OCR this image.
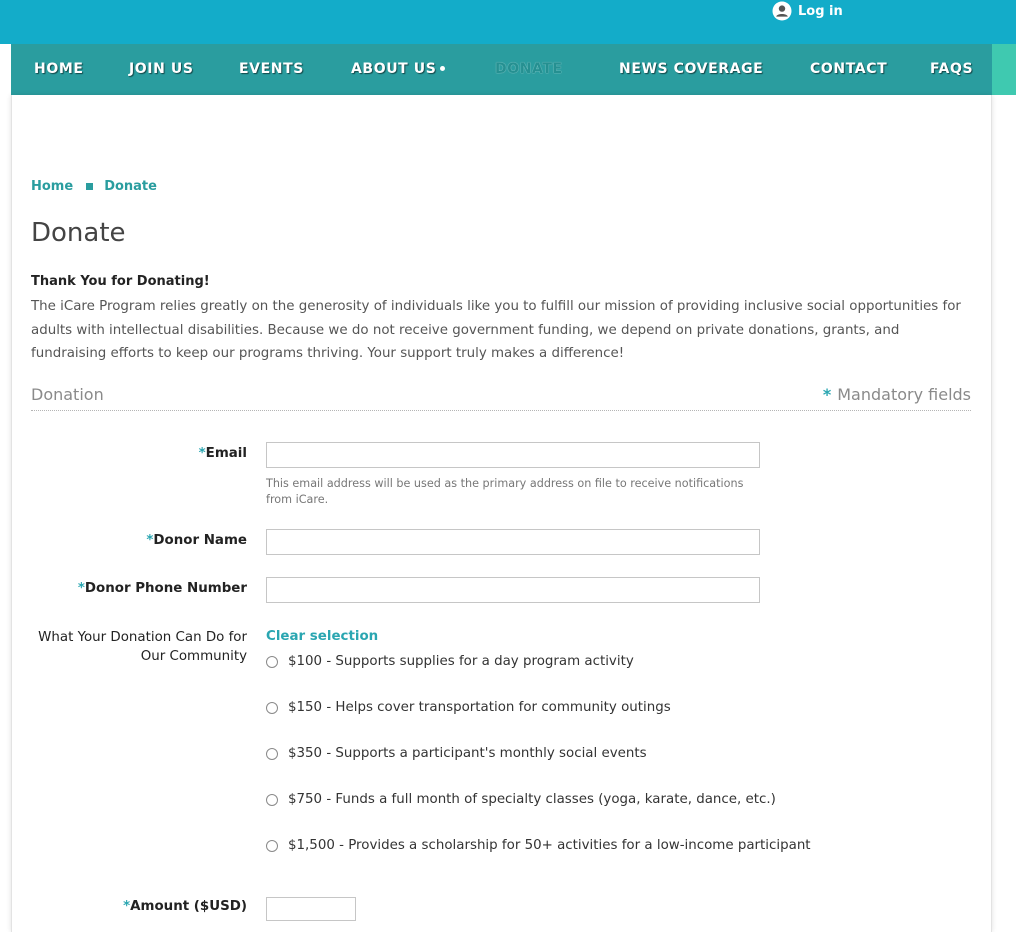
Log in
HOME	JOIN US	EVENTS	ABOUT US	DONATE	NEWS COVERAGE	CONTACT	FAQS
Home Donate
Donate
Thank You for Donating!
The iCare Program relies greatly on the generosity of individuals like you to fulfill our mission of providing inclusive social opportunities for adults with intellectual disabilities. Because we do not receive government funding, we depend on private donations, grants, and fundraising efforts to keep our programs thriving. Your support truly makes a difference!
Donation	* Mandatory fields
*Email
This email address will be used as the primary address on file to receive notifications from iCare.
*Donor Name
*Donor Phone Number
What Your Donation Can Do for Our Community
Clear selection
$100 - Supports supplies for a day program activity
$150 - Helps cover transportation for community outings
$350 - Supports a participant's monthly social events
$750 - Funds a full month of specialty classes (yoga, karate, dance, etc.)
$1,500 - Provides a scholarship for 50+ activities for a low-income participant
*Amount ($USD)
